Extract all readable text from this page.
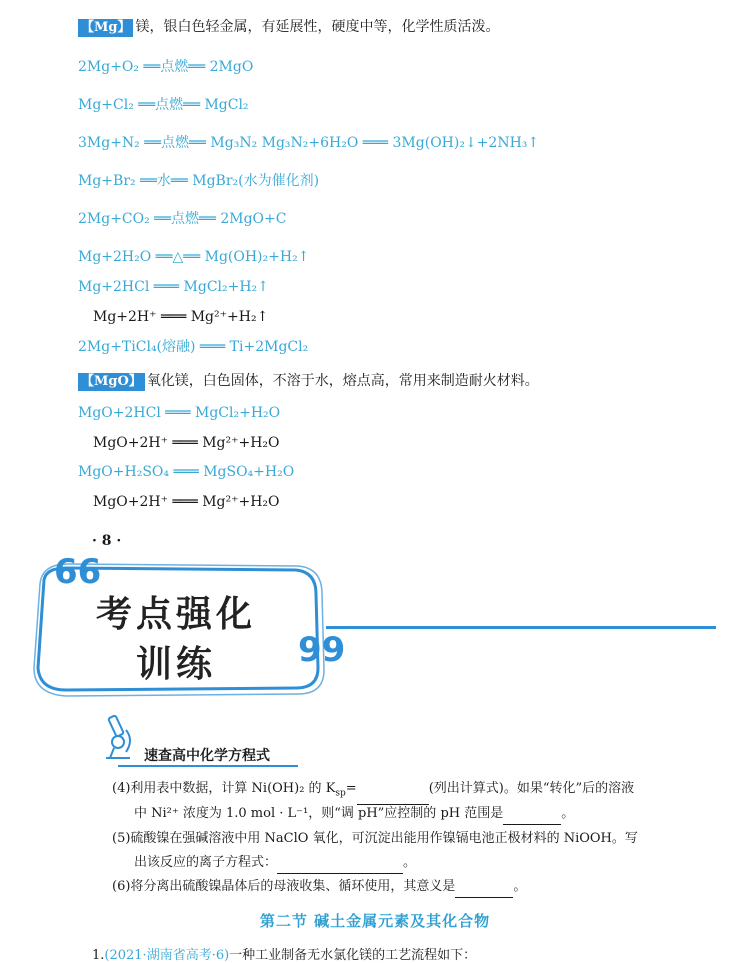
【Mg】 镁，银白色轻金属，有延展性，硬度中等，化学性质活泼。
2Mg+O₂ ══点燃══ 2MgO
Mg+Cl₂ ══点燃══ MgCl₂
3Mg+N₂ ══点燃══ Mg₃N₂ Mg₃N₂+6H₂O ═══ 3Mg(OH)₂↓+2NH₃↑
Mg+Br₂ ══水══ MgBr₂(水为催化剂)
2Mg+CO₂ ══点燃══ 2MgO+C
Mg+2H₂O ══△══ Mg(OH)₂+H₂↑
Mg+2HCl ═══ MgCl₂+H₂↑
Mg+2H⁺ ═══ Mg²⁺+H₂↑
2Mg+TiCl₄(熔融) ═══ Ti+2MgCl₂
【MgO】 氧化镁，白色固体，不溶于水，熔点高，常用来制造耐火材料。
MgO+2HCl ═══ MgCl₂+H₂O
MgO+2H⁺ ═══ Mg²⁺+H₂O
MgO+H₂SO₄ ═══ MgSO₄+H₂O
MgO+2H⁺ ═══ Mg²⁺+H₂O
· 8 ·
66
99
考点强化
训练
速查高中化学方程式
(4)利用表中数据，计算 Ni(OH)₂ 的 $K_{sp}=$	(列出计算式)。如果“转化”后的溶液
中 Ni²⁺ 浓度为 1.0 mol · L⁻¹，则“调 pH”应控制的 pH 范围是	。
(5)硫酸镍在强碱溶液中用 NaClO 氧化，可沉淀出能用作镍镉电池正极材料的 NiOOH。写
出该反应的离子方程式：	。
(6)将分离出硫酸镍晶体后的母液收集、循环使用，其意义是	。
第二节 碱土金属元素及其化合物
1.(2021·湖南省高考·6)一种工业制备无水氯化镁的工艺流程如下：
